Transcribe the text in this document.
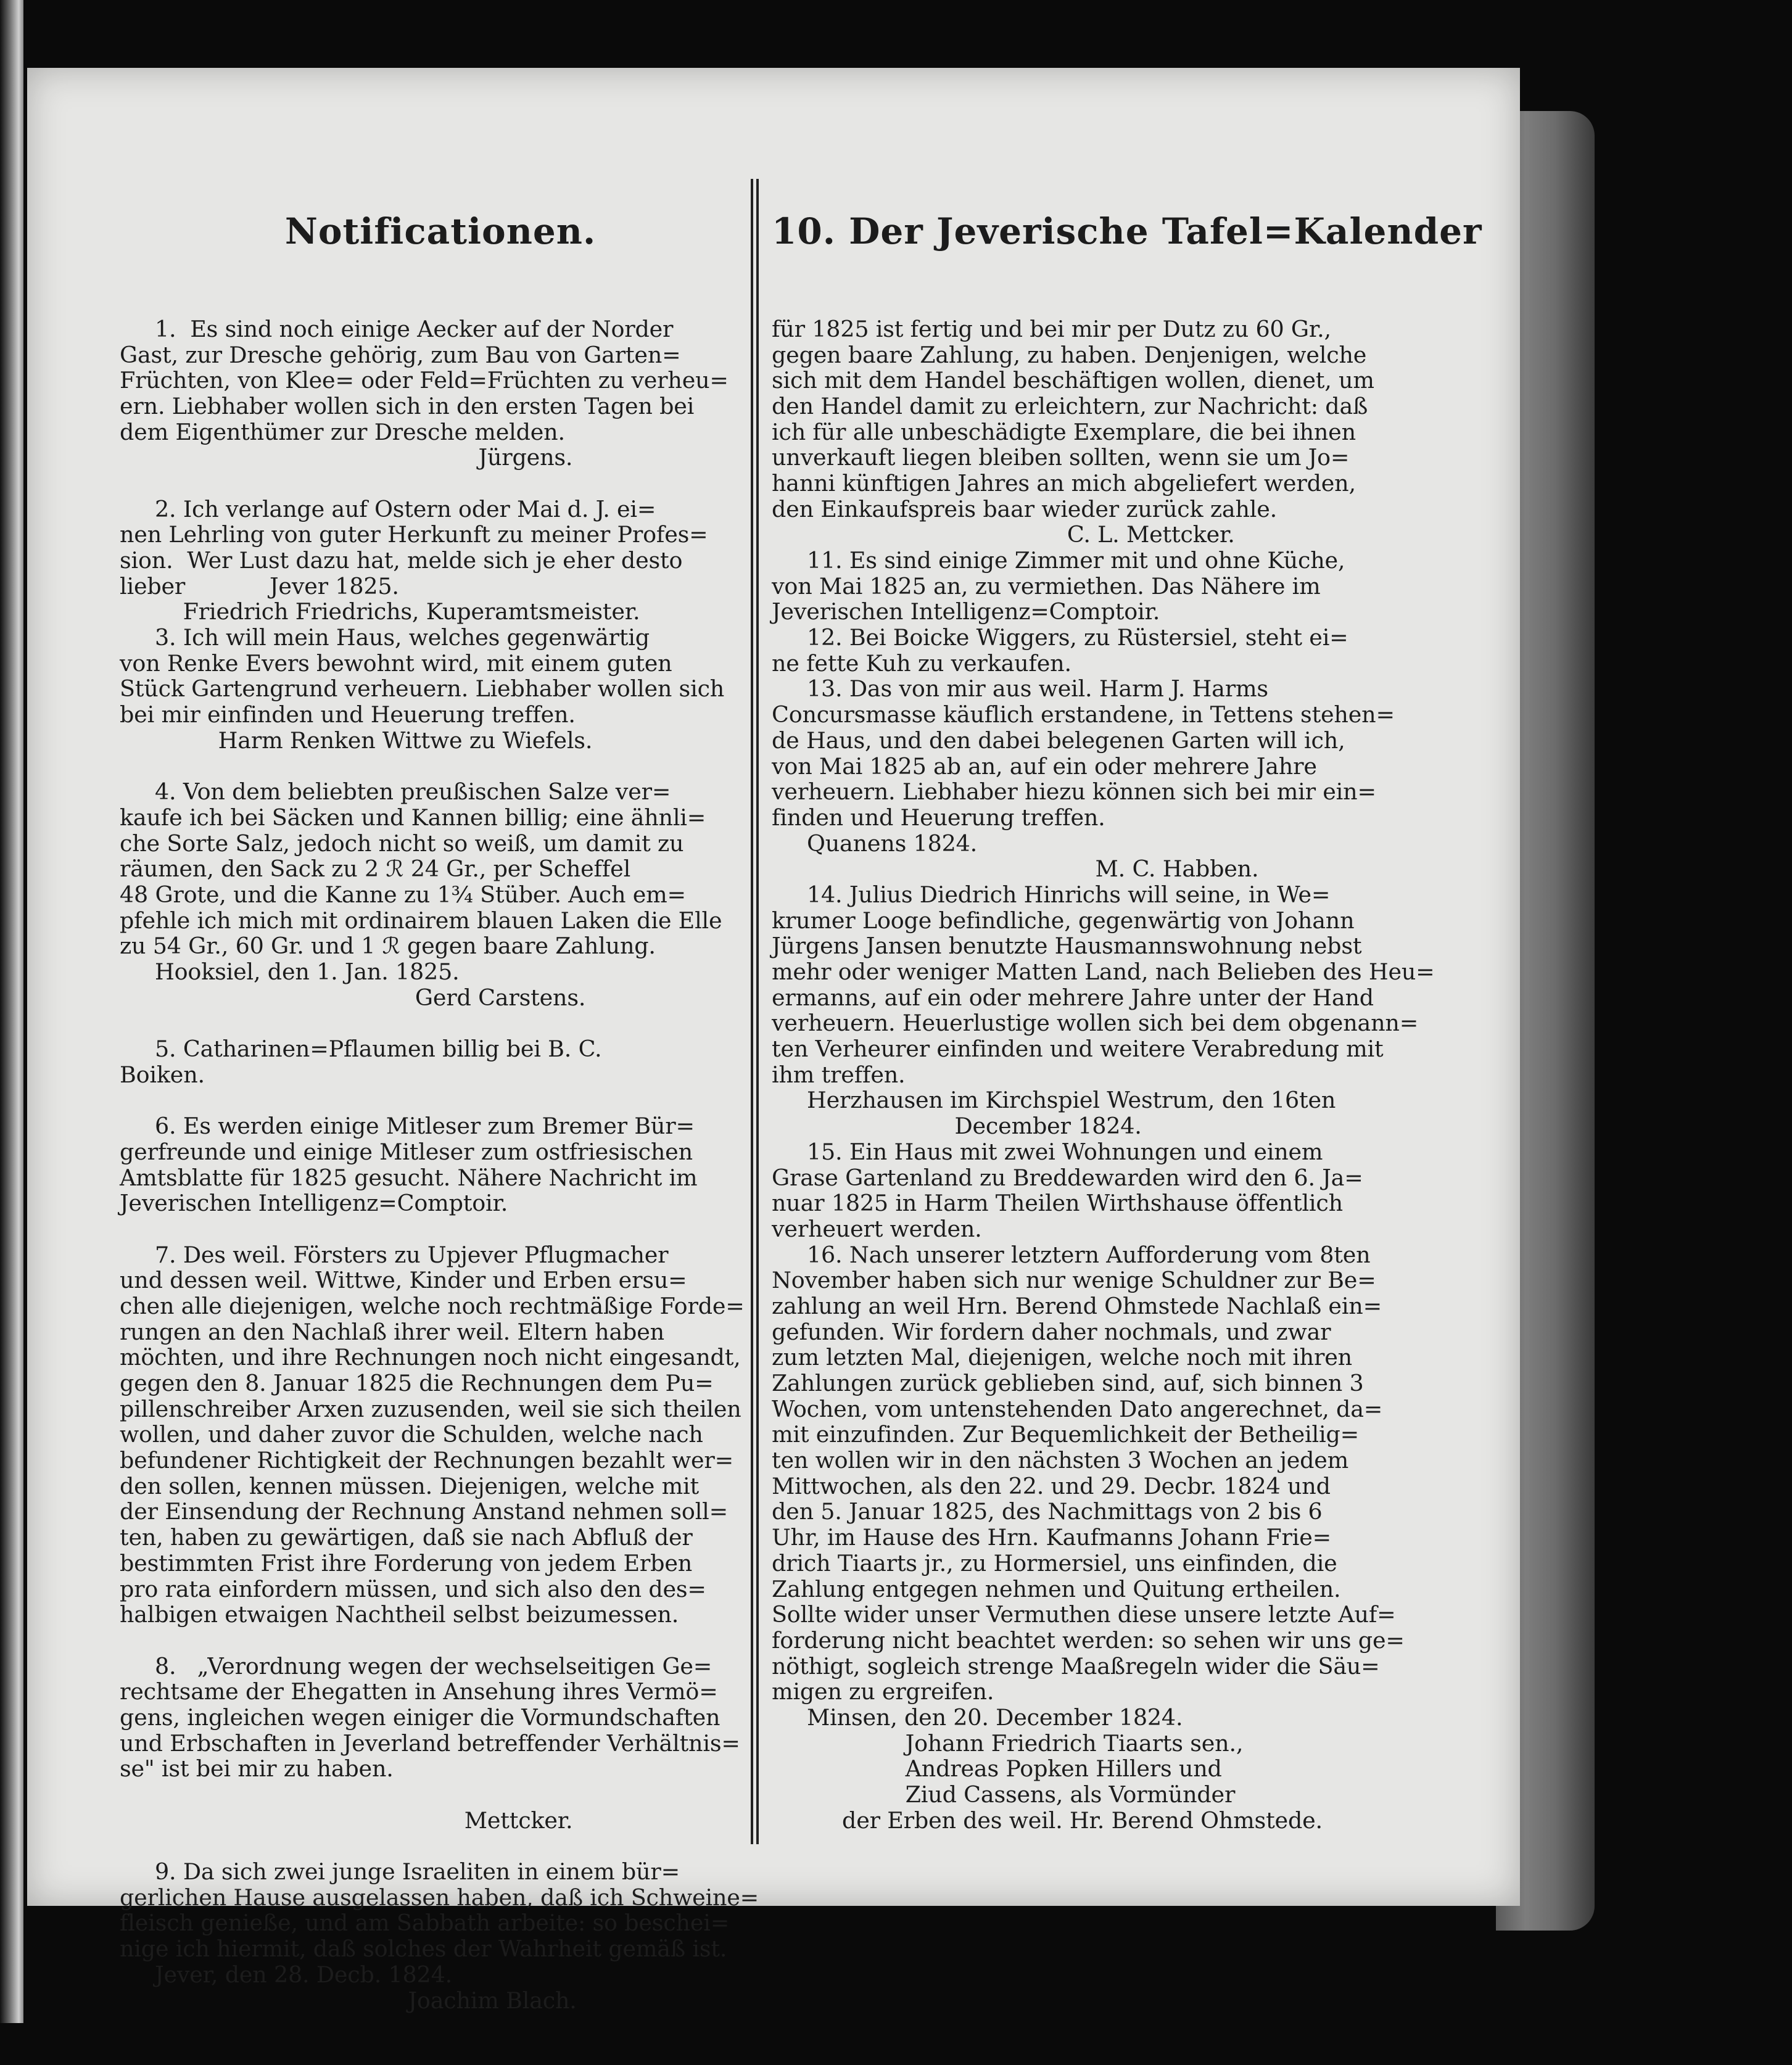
Notificationen.

1.  Es sind noch einige Aecker auf der Norder
Gast, zur Dresche gehörig, zum Bau von Garten=
Früchten, von Klee= oder Feld=Früchten zu verheu=
ern. Liebhaber wollen sich in den ersten Tagen bei
dem Eigenthümer zur Dresche melden.
Jürgens.
2. Ich verlange auf Ostern oder Mai d. J. ei=
nen Lehrling von guter Herkunft zu meiner Profes=
sion.  Wer Lust dazu hat, melde sich je eher desto
lieber            Jever 1825.
Friedrich Friedrichs, Kuperamtsmeister.
3. Ich will mein Haus, welches gegenwärtig
von Renke Evers bewohnt wird, mit einem guten
Stück Gartengrund verheuern. Liebhaber wollen sich
bei mir einfinden und Heuerung treffen.
Harm Renken Wittwe zu Wiefels.
4. Von dem beliebten preußischen Salze ver=
kaufe ich bei Säcken und Kannen billig; eine ähnli=
che Sorte Salz, jedoch nicht so weiß, um damit zu
räumen, den Sack zu 2 ℛ 24 Gr., per Scheffel
48 Grote, und die Kanne zu 1¾ Stüber. Auch em=
pfehle ich mich mit ordinairem blauen Laken die Elle
zu 54 Gr., 60 Gr. und 1 ℛ gegen baare Zahlung.
Hooksiel, den 1. Jan. 1825.
Gerd Carstens.
5. Catharinen=Pflaumen billig bei B. C.
Boiken.
6. Es werden einige Mitleser zum Bremer Bür=
gerfreunde und einige Mitleser zum ostfriesischen
Amtsblatte für 1825 gesucht. Nähere Nachricht im
Jeverischen Intelligenz=Comptoir.
7. Des weil. Försters zu Upjever Pflugmacher
und dessen weil. Wittwe, Kinder und Erben ersu=
chen alle diejenigen, welche noch rechtmäßige Forde=
rungen an den Nachlaß ihrer weil. Eltern haben
möchten, und ihre Rechnungen noch nicht eingesandt,
gegen den 8. Januar 1825 die Rechnungen dem Pu=
pillenschreiber Arxen zuzusenden, weil sie sich theilen
wollen, und daher zuvor die Schulden, welche nach
befundener Richtigkeit der Rechnungen bezahlt wer=
den sollen, kennen müssen. Diejenigen, welche mit
der Einsendung der Rechnung Anstand nehmen soll=
ten, haben zu gewärtigen, daß sie nach Abfluß der
bestimmten Frist ihre Forderung von jedem Erben
pro rata einfordern müssen, und sich also den des=
halbigen etwaigen Nachtheil selbst beizumessen.
8.   „Verordnung wegen der wechselseitigen Ge=
rechtsame der Ehegatten in Ansehung ihres Vermö=
gens, ingleichen wegen einiger die Vormundschaften
und Erbschaften in Jeverland betreffender Verhältnis=
se" ist bei mir zu haben.
Mettcker.
9. Da sich zwei junge Israeliten in einem bür=
gerlichen Hause ausgelassen haben, daß ich Schweine=
fleisch genieße, und am Sabbath arbeite: so beschei=
nige ich hiermit, daß solches der Wahrheit gemäß ist.
Jever, den 28. Decb. 1824.
Joachim Blach.

10. Der Jeverische Tafel=Kalender

für 1825 ist fertig und bei mir per Dutz zu 60 Gr.,
gegen baare Zahlung, zu haben. Denjenigen, welche
sich mit dem Handel beschäftigen wollen, dienet, um
den Handel damit zu erleichtern, zur Nachricht: daß
ich für alle unbeschädigte Exemplare, die bei ihnen
unverkauft liegen bleiben sollten, wenn sie um Jo=
hanni künftigen Jahres an mich abgeliefert werden,
den Einkaufspreis baar wieder zurück zahle.
C. L. Mettcker.
11. Es sind einige Zimmer mit und ohne Küche,
von Mai 1825 an, zu vermiethen. Das Nähere im
Jeverischen Intelligenz=Comptoir.
12. Bei Boicke Wiggers, zu Rüstersiel, steht ei=
ne fette Kuh zu verkaufen.
13. Das von mir aus weil. Harm J. Harms
Concursmasse käuflich erstandene, in Tettens stehen=
de Haus, und den dabei belegenen Garten will ich,
von Mai 1825 ab an, auf ein oder mehrere Jahre
verheuern. Liebhaber hiezu können sich bei mir ein=
finden und Heuerung treffen.
Quanens 1824.
M. C. Habben.
14. Julius Diedrich Hinrichs will seine, in We=
krumer Looge befindliche, gegenwärtig von Johann
Jürgens Jansen benutzte Hausmannswohnung nebst
mehr oder weniger Matten Land, nach Belieben des Heu=
ermanns, auf ein oder mehrere Jahre unter der Hand
verheuern. Heuerlustige wollen sich bei dem obgenann=
ten Verheurer einfinden und weitere Verabredung mit
ihm treffen.
Herzhausen im Kirchspiel Westrum, den 16ten
December 1824.
15. Ein Haus mit zwei Wohnungen und einem
Grase Gartenland zu Breddewarden wird den 6. Ja=
nuar 1825 in Harm Theilen Wirthshause öffentlich
verheuert werden.
16. Nach unserer letztern Aufforderung vom 8ten
November haben sich nur wenige Schuldner zur Be=
zahlung an weil Hrn. Berend Ohmstede Nachlaß ein=
gefunden. Wir fordern daher nochmals, und zwar
zum letzten Mal, diejenigen, welche noch mit ihren
Zahlungen zurück geblieben sind, auf, sich binnen 3
Wochen, vom untenstehenden Dato angerechnet, da=
mit einzufinden. Zur Bequemlichkeit der Betheilig=
ten wollen wir in den nächsten 3 Wochen an jedem
Mittwochen, als den 22. und 29. Decbr. 1824 und
den 5. Januar 1825, des Nachmittags von 2 bis 6
Uhr, im Hause des Hrn. Kaufmanns Johann Frie=
drich Tiaarts jr., zu Hormersiel, uns einfinden, die
Zahlung entgegen nehmen und Quitung ertheilen.
Sollte wider unser Vermuthen diese unsere letzte Auf=
forderung nicht beachtet werden: so sehen wir uns ge=
nöthigt, sogleich strenge Maaßregeln wider die Säu=
migen zu ergreifen.
Minsen, den 20. December 1824.
Johann Friedrich Tiaarts sen.,
Andreas Popken Hillers und
Ziud Cassens, als Vormünder
der Erben des weil. Hr. Berend Ohmstede.
